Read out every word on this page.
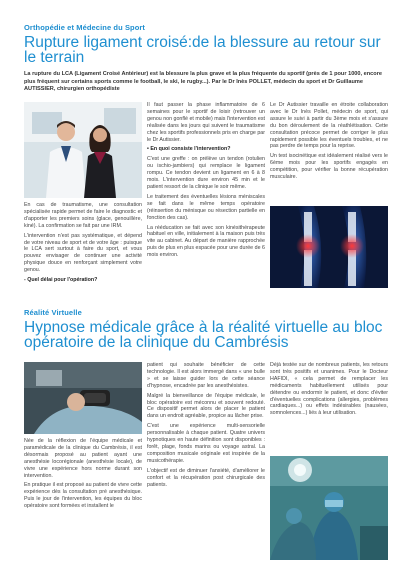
Orthopédie et Médecine du Sport
Rupture ligament croisé:de la blessure au retour sur le terrain
La rupture du LCA (Ligament Croisé Antérieur) est la blessure la plus grave et la plus fréquente du sportif (près de 1 pour 1000, encore plus fréquent sur certains sports comme le football, le ski, le rugby...). Par le Dr Inès POLLET, médecin du sport et Dr Guillaume AUTISSIER, chirurgien orthopédiste

En cas de traumatisme, une consultation spécialisée rapide permet de faire le diagnostic et d'apporter les premiers soins (glace, genouillère, kiné). La confirmation se fait par une IRM.

L'intervention n'est pas systématique, et dépend de votre niveau de sport et de votre âge : puisque le LCA sert surtout à faire du sport, et vous pouvez envisager de continuer une activité physique douce en renforçant simplement votre genou.

- Quel délai pour l'opération?

Il faut passer la phase inflammatoire de 6 semaines pour le sportif de loisir (retrouver un genou non gonflé et mobile) mais l'intervention est réalisée dans les jours qui suivent le traumatisme chez les sportifs professionnels pris en charge par le Dr Autissier.

• En quoi consiste l'intervention?

C'est une greffe : on prélève un tendon (rotulien ou ischio-jambiers) qui remplace le ligament rompu. Ce tendon devient un ligament en 6 à 8 mois. L'intervention dure environ 45 min et le patient ressort de la clinique le soir même.

Le traitement des éventuelles lésions méniscales se fait dans le même temps opératoire (réinsertion du ménisque ou résection partielle en fonction des cas).

La rééducation se fait avec son kinésithérapeute habituel en ville, initialement à la maison puis très vite au cabinet. Au départ de manière rapprochée puis de plus en plus espacée pour une durée de 6 mois environ.

Le Dr Autissier travaille en étroite collaboration avec le Dr Inès Pollet, médecin de sport, qui assure le suivi à partir du 3ème mois et s'assure du bon déroulement de la réathlétisation. Cette consultation précoce permet de corriger le plus rapidement possible les éventuels troubles, et ne pas perdre de temps pour la reprise.

Un test isocinétique est idéalement réalisé vers le 6ème mois pour les sportifs engagés en compétition, pour vérifier la bonne récupération musculaire.

Réalité Virtuelle
Hypnose médicale grâce à la réalité virtuelle au bloc opératoire de la clinique du Cambrésis

Née de la réflexion de l'équipe médicale et paramédicale de la clinique du Cambrésis, il est désormais proposé au patient ayant une anesthésie locorégionale (anesthésie locale), de vivre une expérience hors norme durant son intervention.

En pratique il est proposé au patient de vivre cette expérience dès la consultation pré anesthésique. Puis le jour de l'intervention, les équipes du bloc opératoire sont formées et installent le

patient qui souhaite bénéficier de cette technologie. Il est alors immergé dans « une bulle » et se laisse guider lors de cette séance d'hypnose, encadrée par les anesthésistes.

Malgré la bienveillance de l'équipe médicale, le bloc opératoire est méconnu et souvent redouté. Ce dispositif permet alors de placer le patient dans un endroit agréable, propice au lâcher prise.

C'est une expérience multi-sensorielle personnalisable à chaque patient. Quatre univers hypnotiques en haute définition sont disponibles : forêt, plage, fonds marins ou voyage astral. La composition musicale originale est inspirée de la musicothérapie.

L'objectif est de diminuer l'anxiété, d'améliorer le confort et la récupération post chirurgicale des patients.

Déjà testée sur de nombreux patients, les retours sont très positifs et unanimes. Pour le Docteur HAFIDI, « cela permet de remplacer les médicaments habituellement utilisés pour détendre ou endormir le patient, et donc d'éviter d'éventuelles complications (allergies, problèmes cardiaques...) ou effets indésirables (nausées, somnolences...) liés à leur utilisation.
